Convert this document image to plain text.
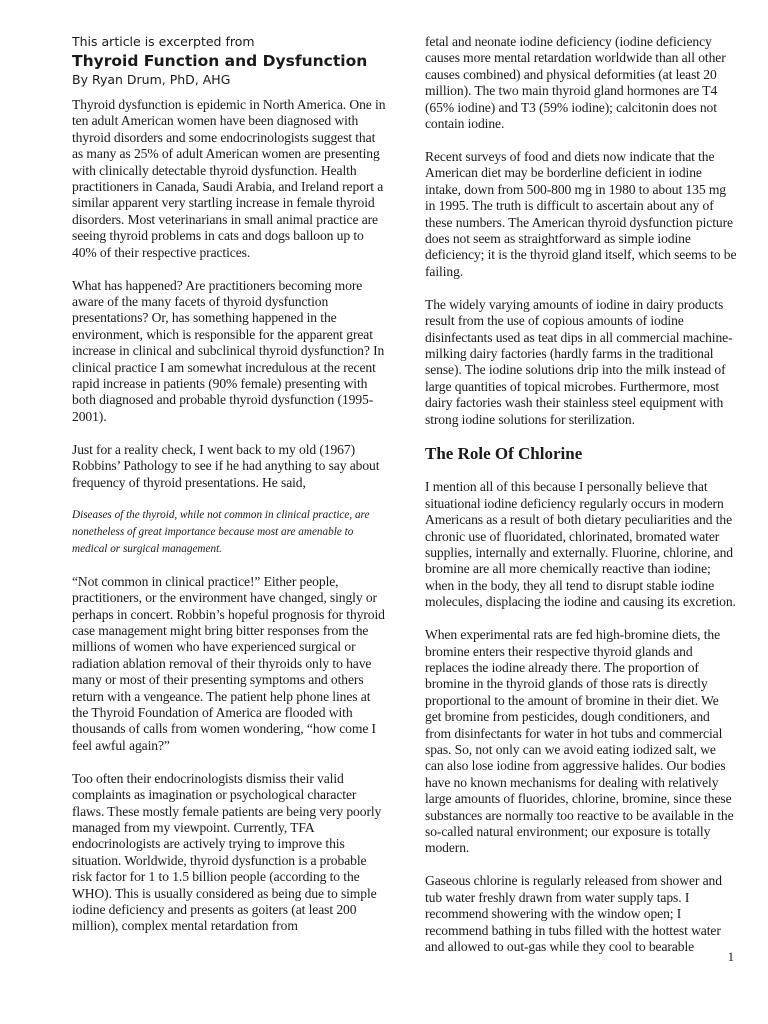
This article is excerpted from

Thyroid Function and Dysfunction

By Ryan Drum, PhD, AHG

Thyroid dysfunction is epidemic in North America. One in ten adult American women have been diagnosed with thyroid disorders and some endocrinologists suggest that as many as 25% of adult American women are presenting with clinically detectable thyroid dysfunction. Health practitioners in Canada, Saudi Arabia, and Ireland report a similar apparent very startling increase in female thyroid disorders. Most veterinarians in small animal practice are seeing thyroid problems in cats and dogs balloon up to 40% of their respective practices.

What has happened? Are practitioners becoming more aware of the many facets of thyroid dysfunction presentations? Or, has something happened in the environment, which is responsible for the apparent great increase in clinical and subclinical thyroid dysfunction? In clinical practice I am somewhat incredulous at the recent rapid increase in patients (90% female) presenting with both diagnosed and probable thyroid dysfunction (1995-2001).

Just for a reality check, I went back to my old (1967) Robbins’ Pathology to see if he had anything to say about frequency of thyroid presentations. He said,

Diseases of the thyroid, while not common in clinical practice, are nonetheless of great importance because most are amenable to medical or surgical management.

“Not common in clinical practice!” Either people, practitioners, or the environment have changed, singly or perhaps in concert. Robbin’s hopeful prognosis for thyroid case management might bring bitter responses from the millions of women who have experienced surgical or radiation ablation removal of their thyroids only to have many or most of their presenting symptoms and others return with a vengeance. The patient help phone lines at the Thyroid Foundation of America are flooded with thousands of calls from women wondering, “how come I feel awful again?”

Too often their endocrinologists dismiss their valid complaints as imagination or psychological character flaws. These mostly female patients are being very poorly managed from my viewpoint. Currently, TFA endocrinologists are actively trying to improve this situation. Worldwide, thyroid dysfunction is a probable risk factor for 1 to 1.5 billion people (according to the WHO). This is usually considered as being due to simple iodine deficiency and presents as goiters (at least 200 million), complex mental retardation from

fetal and neonate iodine deficiency (iodine deficiency causes more mental retardation worldwide than all other causes combined) and physical deformities (at least 20 million). The two main thyroid gland hormones are T4 (65% iodine) and T3 (59% iodine); calcitonin does not contain iodine.

Recent surveys of food and diets now indicate that the American diet may be borderline deficient in iodine intake, down from 500-800 mg in 1980 to about 135 mg in 1995. The truth is difficult to ascertain about any of these numbers. The American thyroid dysfunction picture does not seem as straightforward as simple iodine deficiency; it is the thyroid gland itself, which seems to be failing.

The widely varying amounts of iodine in dairy products result from the use of copious amounts of iodine disinfectants used as teat dips in all commercial machine-milking dairy factories (hardly farms in the traditional sense). The iodine solutions drip into the milk instead of large quantities of topical microbes. Furthermore, most dairy factories wash their stainless steel equipment with strong iodine solutions for sterilization.

The Role Of Chlorine

I mention all of this because I personally believe that situational iodine deficiency regularly occurs in modern Americans as a result of both dietary peculiarities and the chronic use of fluoridated, chlorinated, bromated water supplies, internally and externally. Fluorine, chlorine, and bromine are all more chemically reactive than iodine; when in the body, they all tend to disrupt stable iodine molecules, displacing the iodine and causing its excretion.

When experimental rats are fed high-bromine diets, the bromine enters their respective thyroid glands and replaces the iodine already there. The proportion of bromine in the thyroid glands of those rats is directly proportional to the amount of bromine in their diet. We get bromine from pesticides, dough conditioners, and from disinfectants for water in hot tubs and commercial spas. So, not only can we avoid eating iodized salt, we can also lose iodine from aggressive halides. Our bodies have no known mechanisms for dealing with relatively large amounts of fluorides, chlorine, bromine, since these substances are normally too reactive to be available in the so-called natural environment; our exposure is totally modern.

Gaseous chlorine is regularly released from shower and tub water freshly drawn from water supply taps. I recommend showering with the window open; I recommend bathing in tubs filled with the hottest water and allowed to out-gas while they cool to bearable

1
